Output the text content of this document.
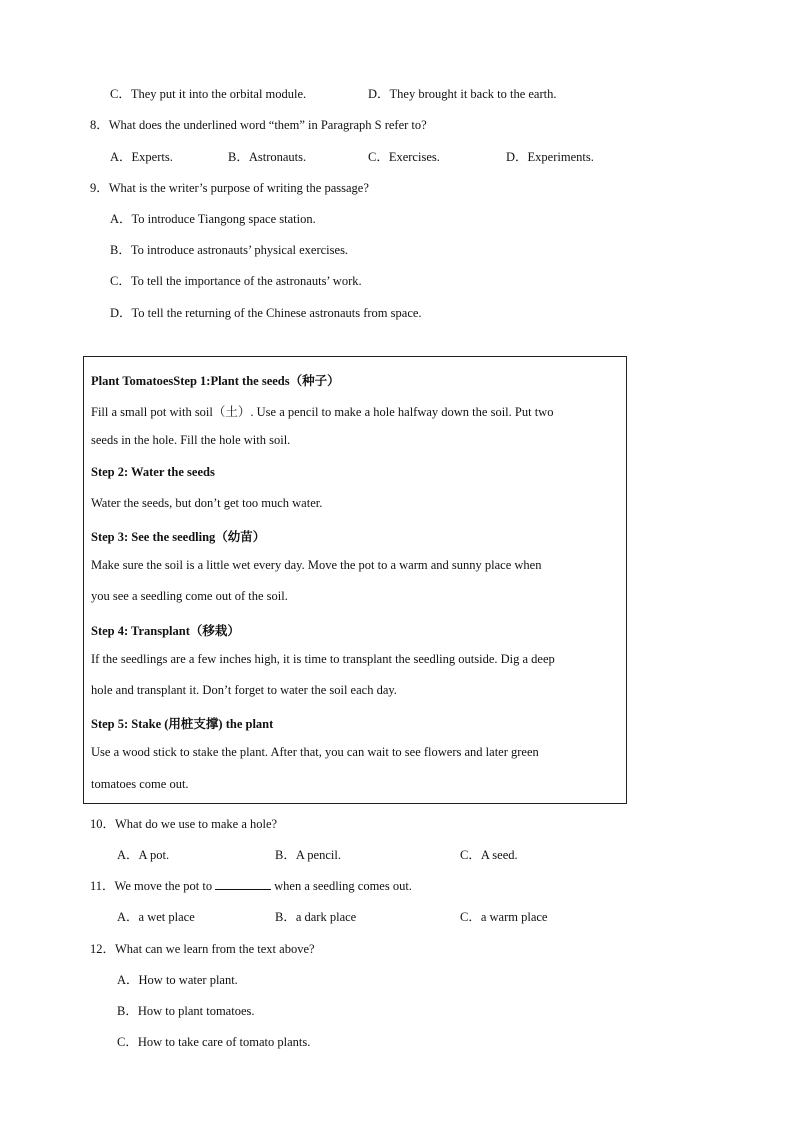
C．They put it into the orbital module.	D．They brought it back to the earth.
8．What does the underlined word “them” in Paragraph S refer to?
A．Experts.	B．Astronauts.	C．Exercises.	D．Experiments.
9．What is the writer’s purpose of writing the passage?
A．To introduce Tiangong space station.
B．To introduce astronauts’ physical exercises.
C．To tell the importance of the astronauts’ work.
D．To tell the returning of the Chinese astronauts from space.
Plant TomatoesStep 1:Plant the seeds（种子）
Fill a small pot with soil（土）. Use a pencil to make a hole halfway down the soil. Put two
seeds in the hole. Fill the hole with soil.
Step 2: Water the seeds
Water the seeds, but don’t get too much water.
Step 3: See the seedling（幼苗）
Make sure the soil is a little wet every day. Move the pot to a warm and sunny place when
you see a seedling come out of the soil.
Step 4: Transplant（移栽）
If the seedlings are a few inches high, it is time to transplant the seedling outside. Dig a deep
hole and transplant it. Don’t forget to water the soil each day.
Step 5: Stake (用桩支撑) the plant
Use a wood stick to stake the plant. After that, you can wait to see flowers and later green
tomatoes come out.
10．What do we use to make a hole?
A．A pot.	B．A pencil.	C．A seed.
11．We move the pot to	when a seedling comes out.
A．a wet place	B．a dark place	C．a warm place
12．What can we learn from the text above?
A．How to water plant.
B．How to plant tomatoes.
C．How to take care of tomato plants.
